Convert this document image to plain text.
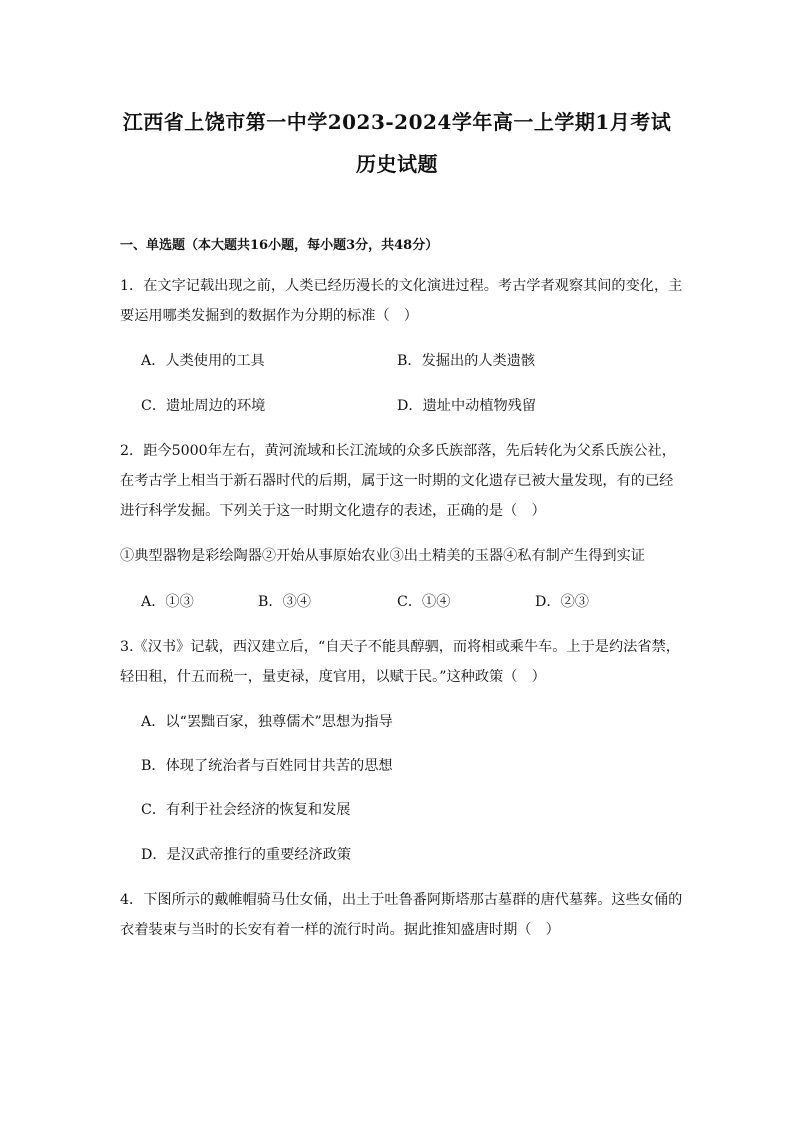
江西省上饶市第一中学2023-2024学年高一上学期1月考试
历史试题
一、单选题（本大题共16小题，每小题3分，共48分）
1．在文字记载出现之前，人类已经历漫长的文化演进过程。考古学者观察其间的变化，主
要运用哪类发掘到的数据作为分期的标准（　）
A．人类使用的工具	B．发掘出的人类遗骸
C．遗址周边的环境	D．遗址中动植物残留
2．距今5000年左右，黄河流域和长江流域的众多氏族部落，先后转化为父系氏族公社，
在考古学上相当于新石器时代的后期，属于这一时期的文化遗存已被大量发现，有的已经
进行科学发掘。下列关于这一时期文化遗存的表述，正确的是（　）
①典型器物是彩绘陶器②开始从事原始农业③出土精美的玉器④私有制产生得到实证
A．①③	B．③④	C．①④	D．②③
3.《汉书》记载，西汉建立后，“自天子不能具醇驷，而将相或乘牛车。上于是约法省禁，
轻田租，什五而税一，量吏禄，度官用，以赋于民。”这种政策（　）
A．以“罢黜百家，独尊儒术”思想为指导
B．体现了统治者与百姓同甘共苦的思想
C．有利于社会经济的恢复和发展
D．是汉武帝推行的重要经济政策
4．下图所示的戴帷帽骑马仕女俑，出土于吐鲁番阿斯塔那古墓群的唐代墓葬。这些女俑的
衣着装束与当时的长安有着一样的流行时尚。据此推知盛唐时期（　）
